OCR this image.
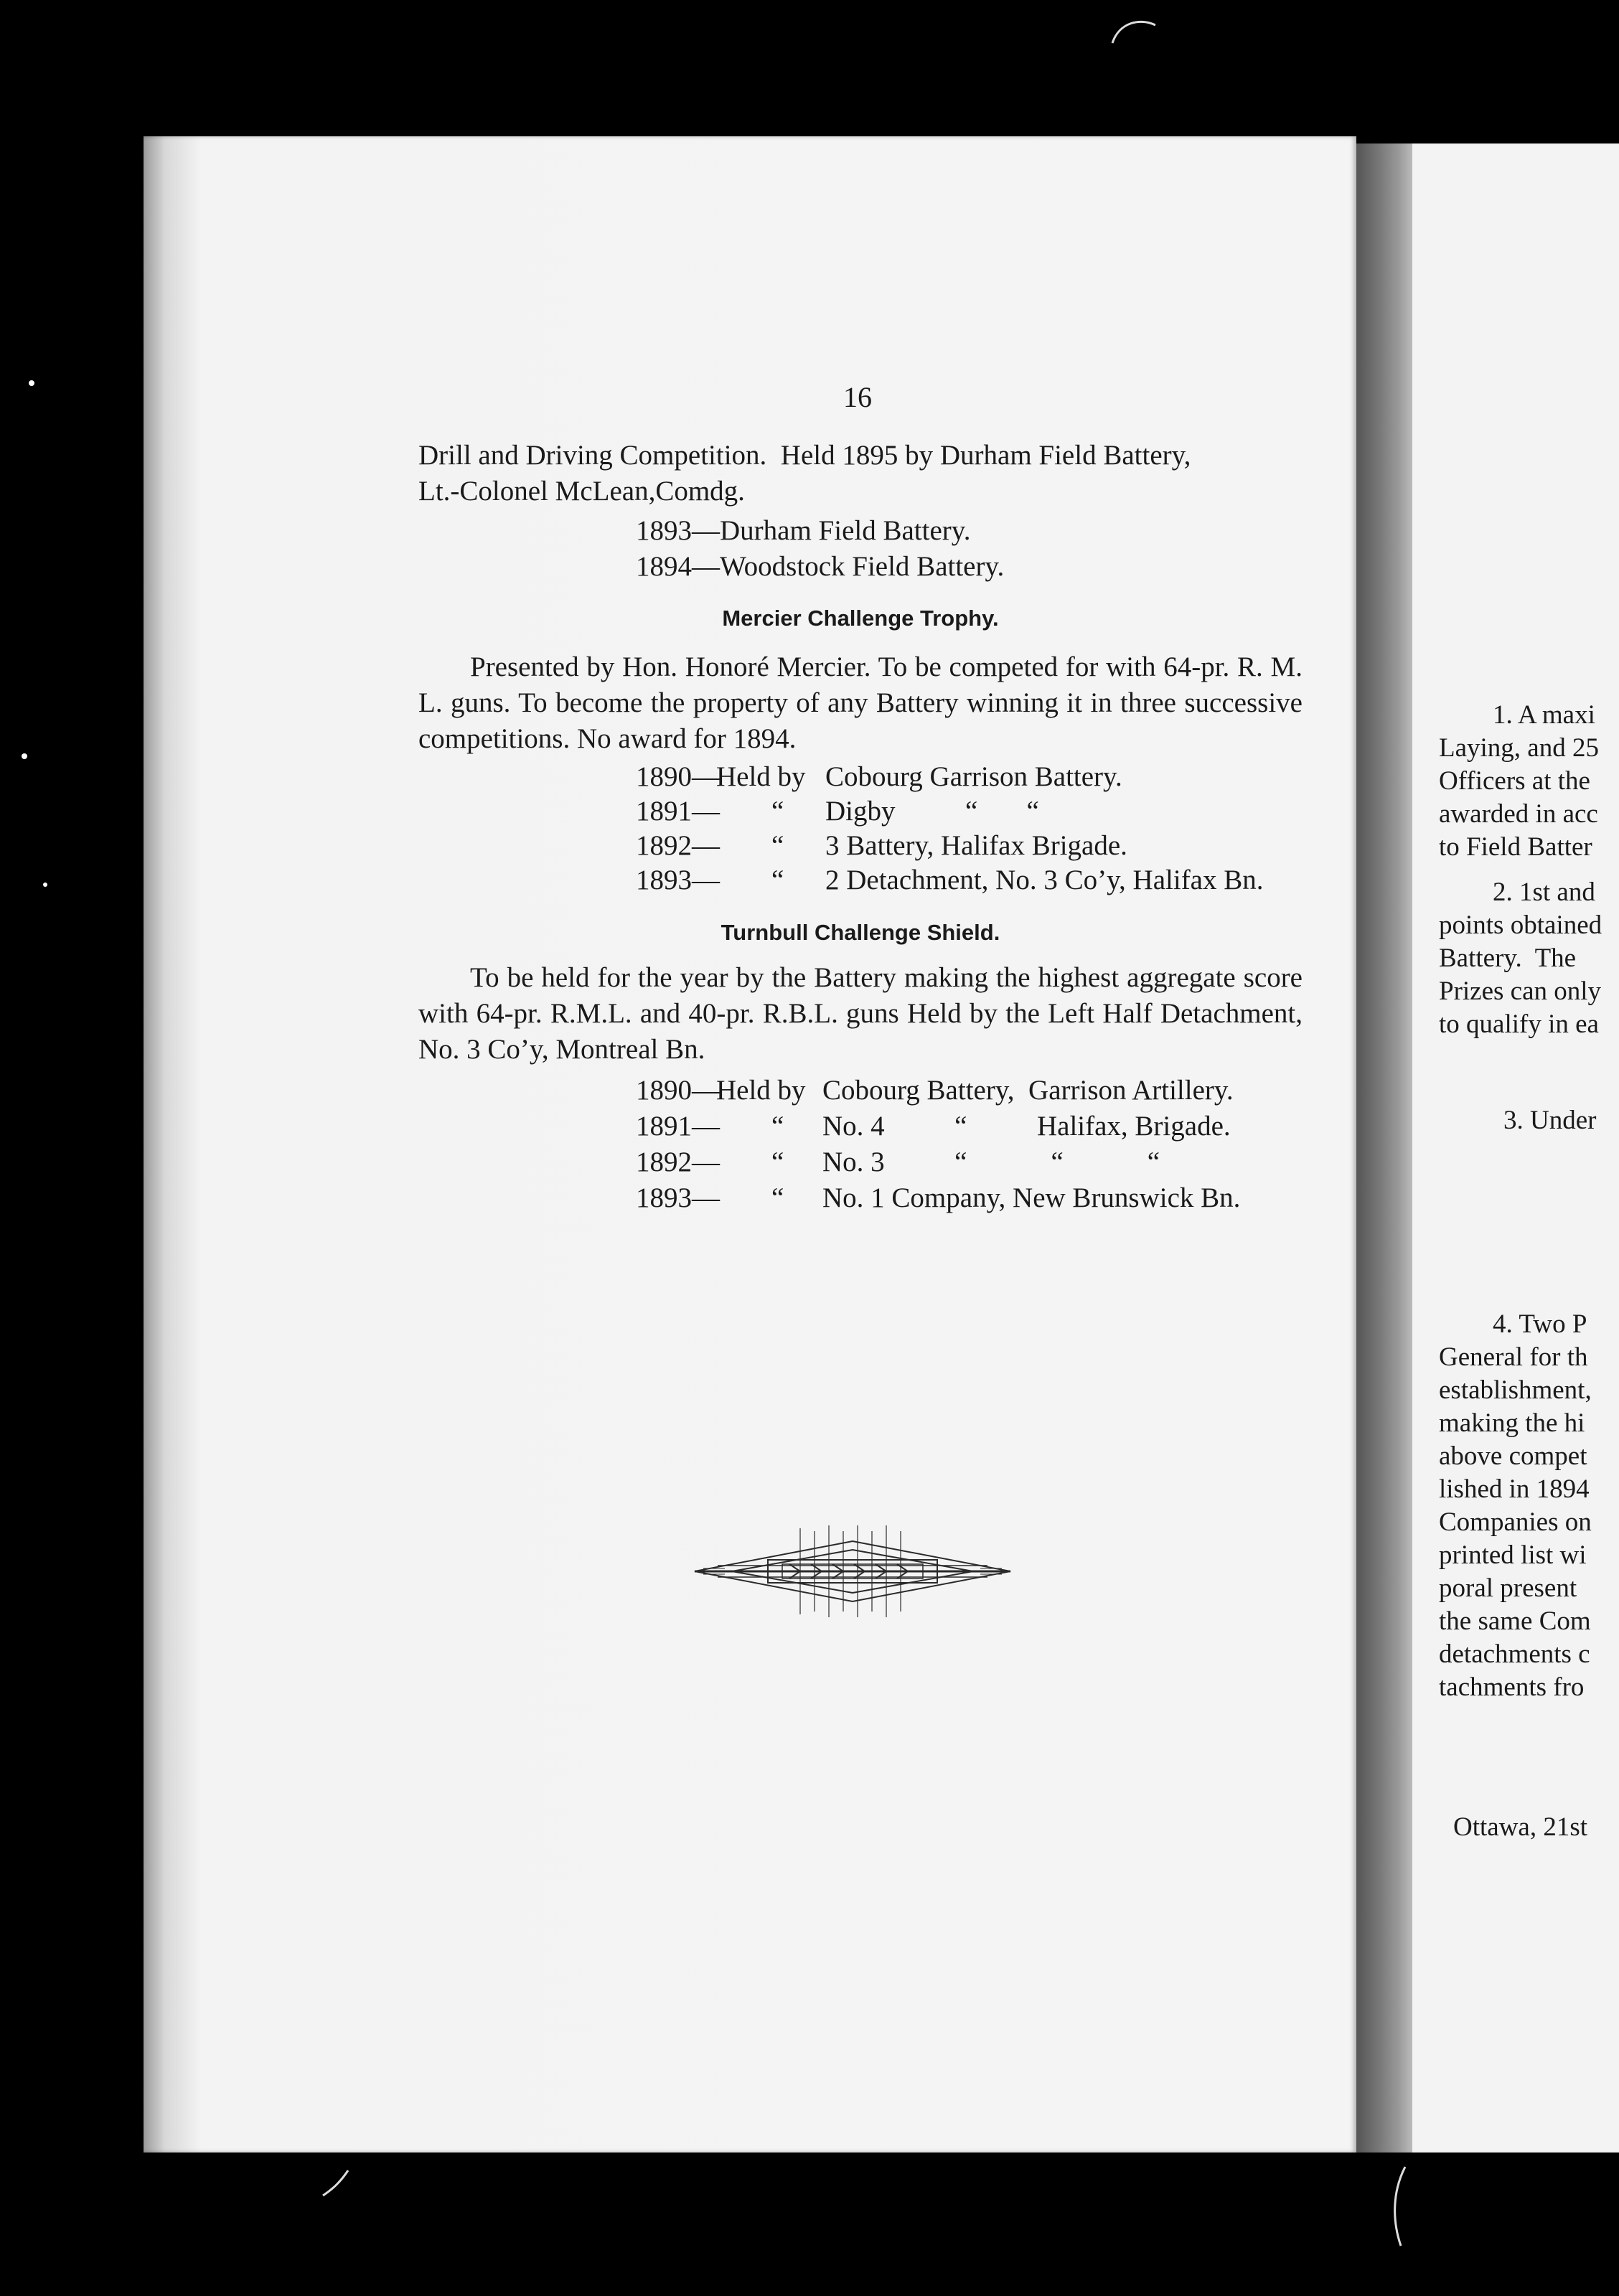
16
Drill and Driving Competition.  Held 1895 by Durham Field Battery,
Lt.-Colonel McLean,Comdg.
1893—Durham Field Battery.
1894—Woodstock Field Battery.
Mercier Challenge Trophy.

Presented by Hon. Honoré Mercier. To be competed for with 64-pr. R. M. L. guns. To become the property of any Battery winning it in three successive competitions. No award for 1894.

1890—
Held by Cobourg Garrison Battery.
1891— “ Digby          “       “
1892— “ 3 Battery, Halifax Brigade.
1893— “ 2 Detachment, No. 3 Co’y, Halifax Bn.
Turnbull Challenge Shield.

To be held for the year by the Battery making the highest aggregate score with 64-pr. R.M.L. and 40-pr. R.B.L. guns Held by the Left Half Detachment, No. 3 Co’y, Montreal Bn.

1890—
Held by Cobourg Battery,  Garrison Artillery.
1891— “ No. 4          “          Halifax, Brigade.
1892— “ No. 3          “            “            “
1893— “ No. 1 Company, New Brunswick Bn.
1. A maxi
Laying, and 25
Officers at the
awarded in acc
to Field Batter
2. 1st and
points obtained
Battery.  The
Prizes can only
to qualify in ea
3. Under
4. Two P
General for th
establishment,
making the hi
above compet
lished in 1894
Companies on
printed list wi
poral present
the same Com
detachments c
tachments fro
Ottawa, 21st
